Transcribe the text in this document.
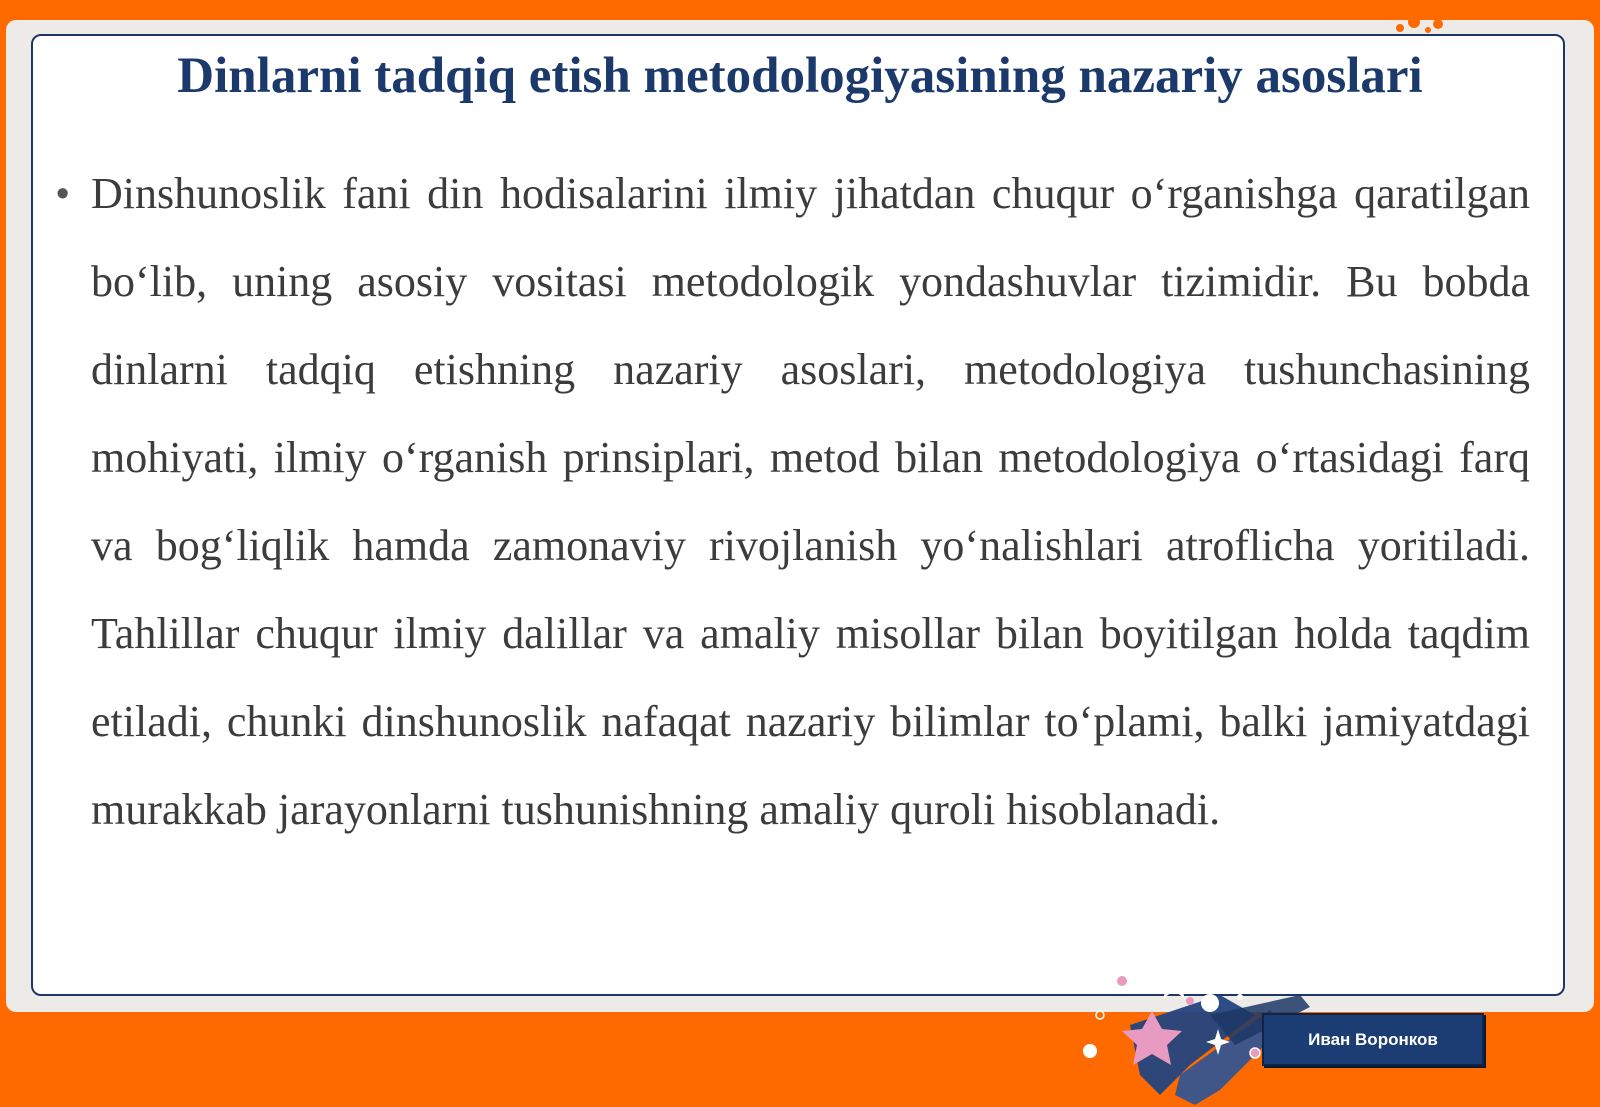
Dinlarni tadqiq etish metodologiyasining nazariy asoslari
• Dinshunoslik fani din hodisalarini ilmiy jihatdan chuqur o‘rganishga qaratilgan bo‘lib, uning asosiy vositasi metodologik yondashuvlar tizimidir. Bu bobda dinlarni tadqiq etishning nazariy asoslari, metodologiya tushunchasining mohiyati, ilmiy o‘rganish prinsiplari, metod bilan metodologiya o‘rtasidagi farq va bog‘liqlik hamda zamonaviy rivojlanish yo‘nalishlari atroflicha yoritiladi. Tahlillar chuqur ilmiy dalillar va amaliy misollar bilan boyitilgan holda taqdim etiladi, chunki dinshunoslik nafaqat nazariy bilimlar to‘plami, balki jamiyatdagi murakkab jarayonlarni tushunishning amaliy quroli hisoblanadi.

Иван Воронков
